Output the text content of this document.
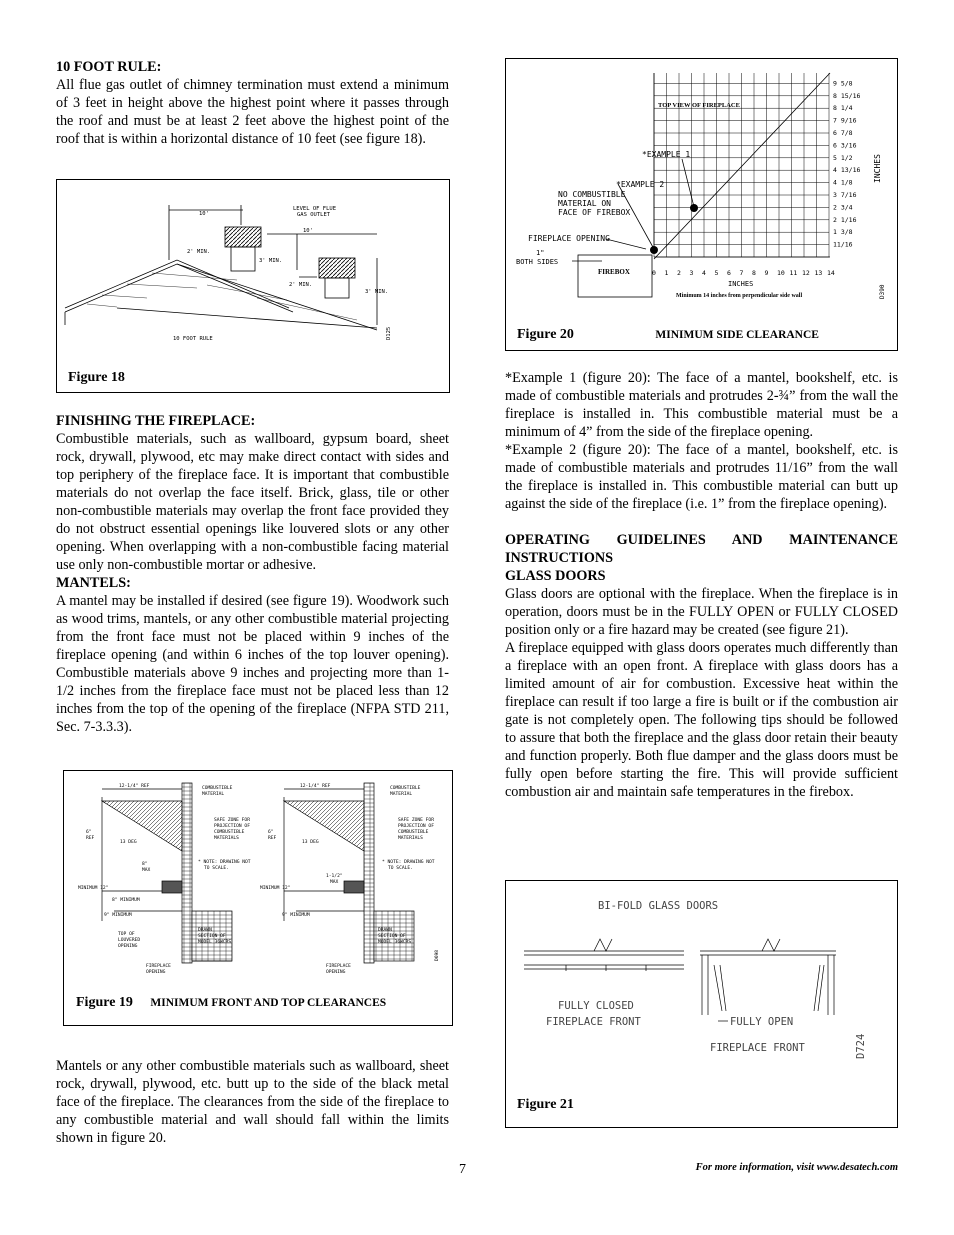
10 FOOT RULE:

All flue gas outlet of chimney termination must extend a minimum of 3 feet in height above the highest point where it passes through the roof and must be at least 2 feet above the highest point of the roof that is within a horizontal distance of 10 feet (see figure 18).

10'
LEVEL OF FLUE
GAS OUTLET
10'
2' MIN.
3' MIN.
2' MIN.
3' MIN.
10 FOOT RULE	D125
Figure 18

FINISHING THE FIREPLACE:

Combustible materials, such as wallboard, gypsum board, sheet rock, drywall, plywood, etc may make direct contact with sides and top periphery of the fireplace face. It is important that combustible materials do not overlap the face itself. Brick, glass, tile or other non-combustible materials may overlap the front face provided they do not obstruct essential openings like louvered slots or any other opening. When overlapping with a non-combustible facing material use only non-combustible mortar or adhesive.

MANTELS:

A mantel may be installed if desired (see figure 19). Woodwork such as wood trims, mantels, or any other combustible material projecting from the front face must not be placed within 9 inches of the fireplace opening (and within 6 inches of the top louver opening). Combustible materials above 9 inches and projecting more than 1-1/2 inches from the fireplace face must not be placed less than 12 inches from the top of the opening of the fireplace (NFPA STD 211, Sec. 7-3.3.3).

12-1/4" REF	COMBUSTIBLE
MATERIAL
SAFE ZONE FOR
PROJECTION OF
COMBUSTIBLE
MATERIALS
* NOTE: DRAWING NOT
TO SCALE.
6"
REF
13 DEG
8"
MAX
MINIMUM 12"
8" MINIMUM
9" MINIMUM
TOP OF
LOUVERED
OPENING
DRAWN
SECTION OF
MODEL 36WCRS
FIREPLACE
OPENING
12-1/4" REF	COMBUSTIBLE
MATERIAL
SAFE ZONE FOR
PROJECTION OF
COMBUSTIBLE
MATERIALS
* NOTE: DRAWING NOT
TO SCALE.
6"
REF
13 DEG
1-1/2"
MAX
MINIMUM 12"
9" MINIMUM
DRAWN
SECTION OF
MODEL 36WCRS
FIREPLACE
OPENING
D698
Figure 19 MINIMUM FRONT AND TOP CLEARANCES

Mantels or any other combustible materials such as wallboard, sheet rock, drywall, plywood, etc. butt up to the side of the black metal face of the fireplace. The clearances from the side of the fireplace to any combustible material and wall should fall within the limits shown in figure 20.

0 1 2 3 4 5 6 7 8 9 10 11 12 13 14
11/16
1 3/8
2 1/16
2 3/4
3 7/16
4 1/8
4 13/16
5 1/2
6 3/16
6 7/8
7 9/16
8 1/4
8 15/16
9 5/8
TOP VIEW OF FIREPLACE
*EXAMPLE 1
*EXAMPLE 2
NO COMBUSTIBLE
MATERIAL ON
FACE OF FIREBOX
FIREPLACE OPENING
1"
BOTH SIDES
FIREBOX
INCHES
Minimum 14 inches from perpendicular side wall
INCHES
D390
Figure 20	MINIMUM SIDE CLEARANCE

*Example 1 (figure 20): The face of a mantel, bookshelf, etc. is made of combustible materials and protrudes 2-¾” from the wall the fireplace is installed in. This combustible material must be a minimum of 4” from the side of the fireplace opening.

*Example 2 (figure 20): The face of a mantel, bookshelf, etc. is made of combustible materials and protrudes 11/16” from the wall the fireplace is installed in. This combustible material can butt up against the side of the fireplace (i.e. 1” from the fireplace opening).

OPERATING GUIDELINES AND MAINTENANCE INSTRUCTIONS

GLASS DOORS

Glass doors are optional with the fireplace. When the fireplace is in operation, doors must be in the FULLY OPEN or FULLY CLOSED position only or a fire hazard may be created (see figure 21).

A fireplace equipped with glass doors operates much differently than a fireplace with an open front. A fireplace with glass doors has a limited amount of air for combustion. Excessive heat within the fireplace can result if too large a fire is built or if the combustion air gate is not completely open. The following tips should be followed to assure that both the fireplace and the glass door retain their beauty and function properly. Both flue damper and the glass doors must be fully open before starting the fire. This will provide sufficient combustion air and maintain safe temperatures in the firebox.

BI-FOLD GLASS DOORS
FULLY CLOSED
FIREPLACE FRONT	FULLY OPEN
FIREPLACE FRONT	D724
Figure 21
7	For more information, visit www.desatech.com
